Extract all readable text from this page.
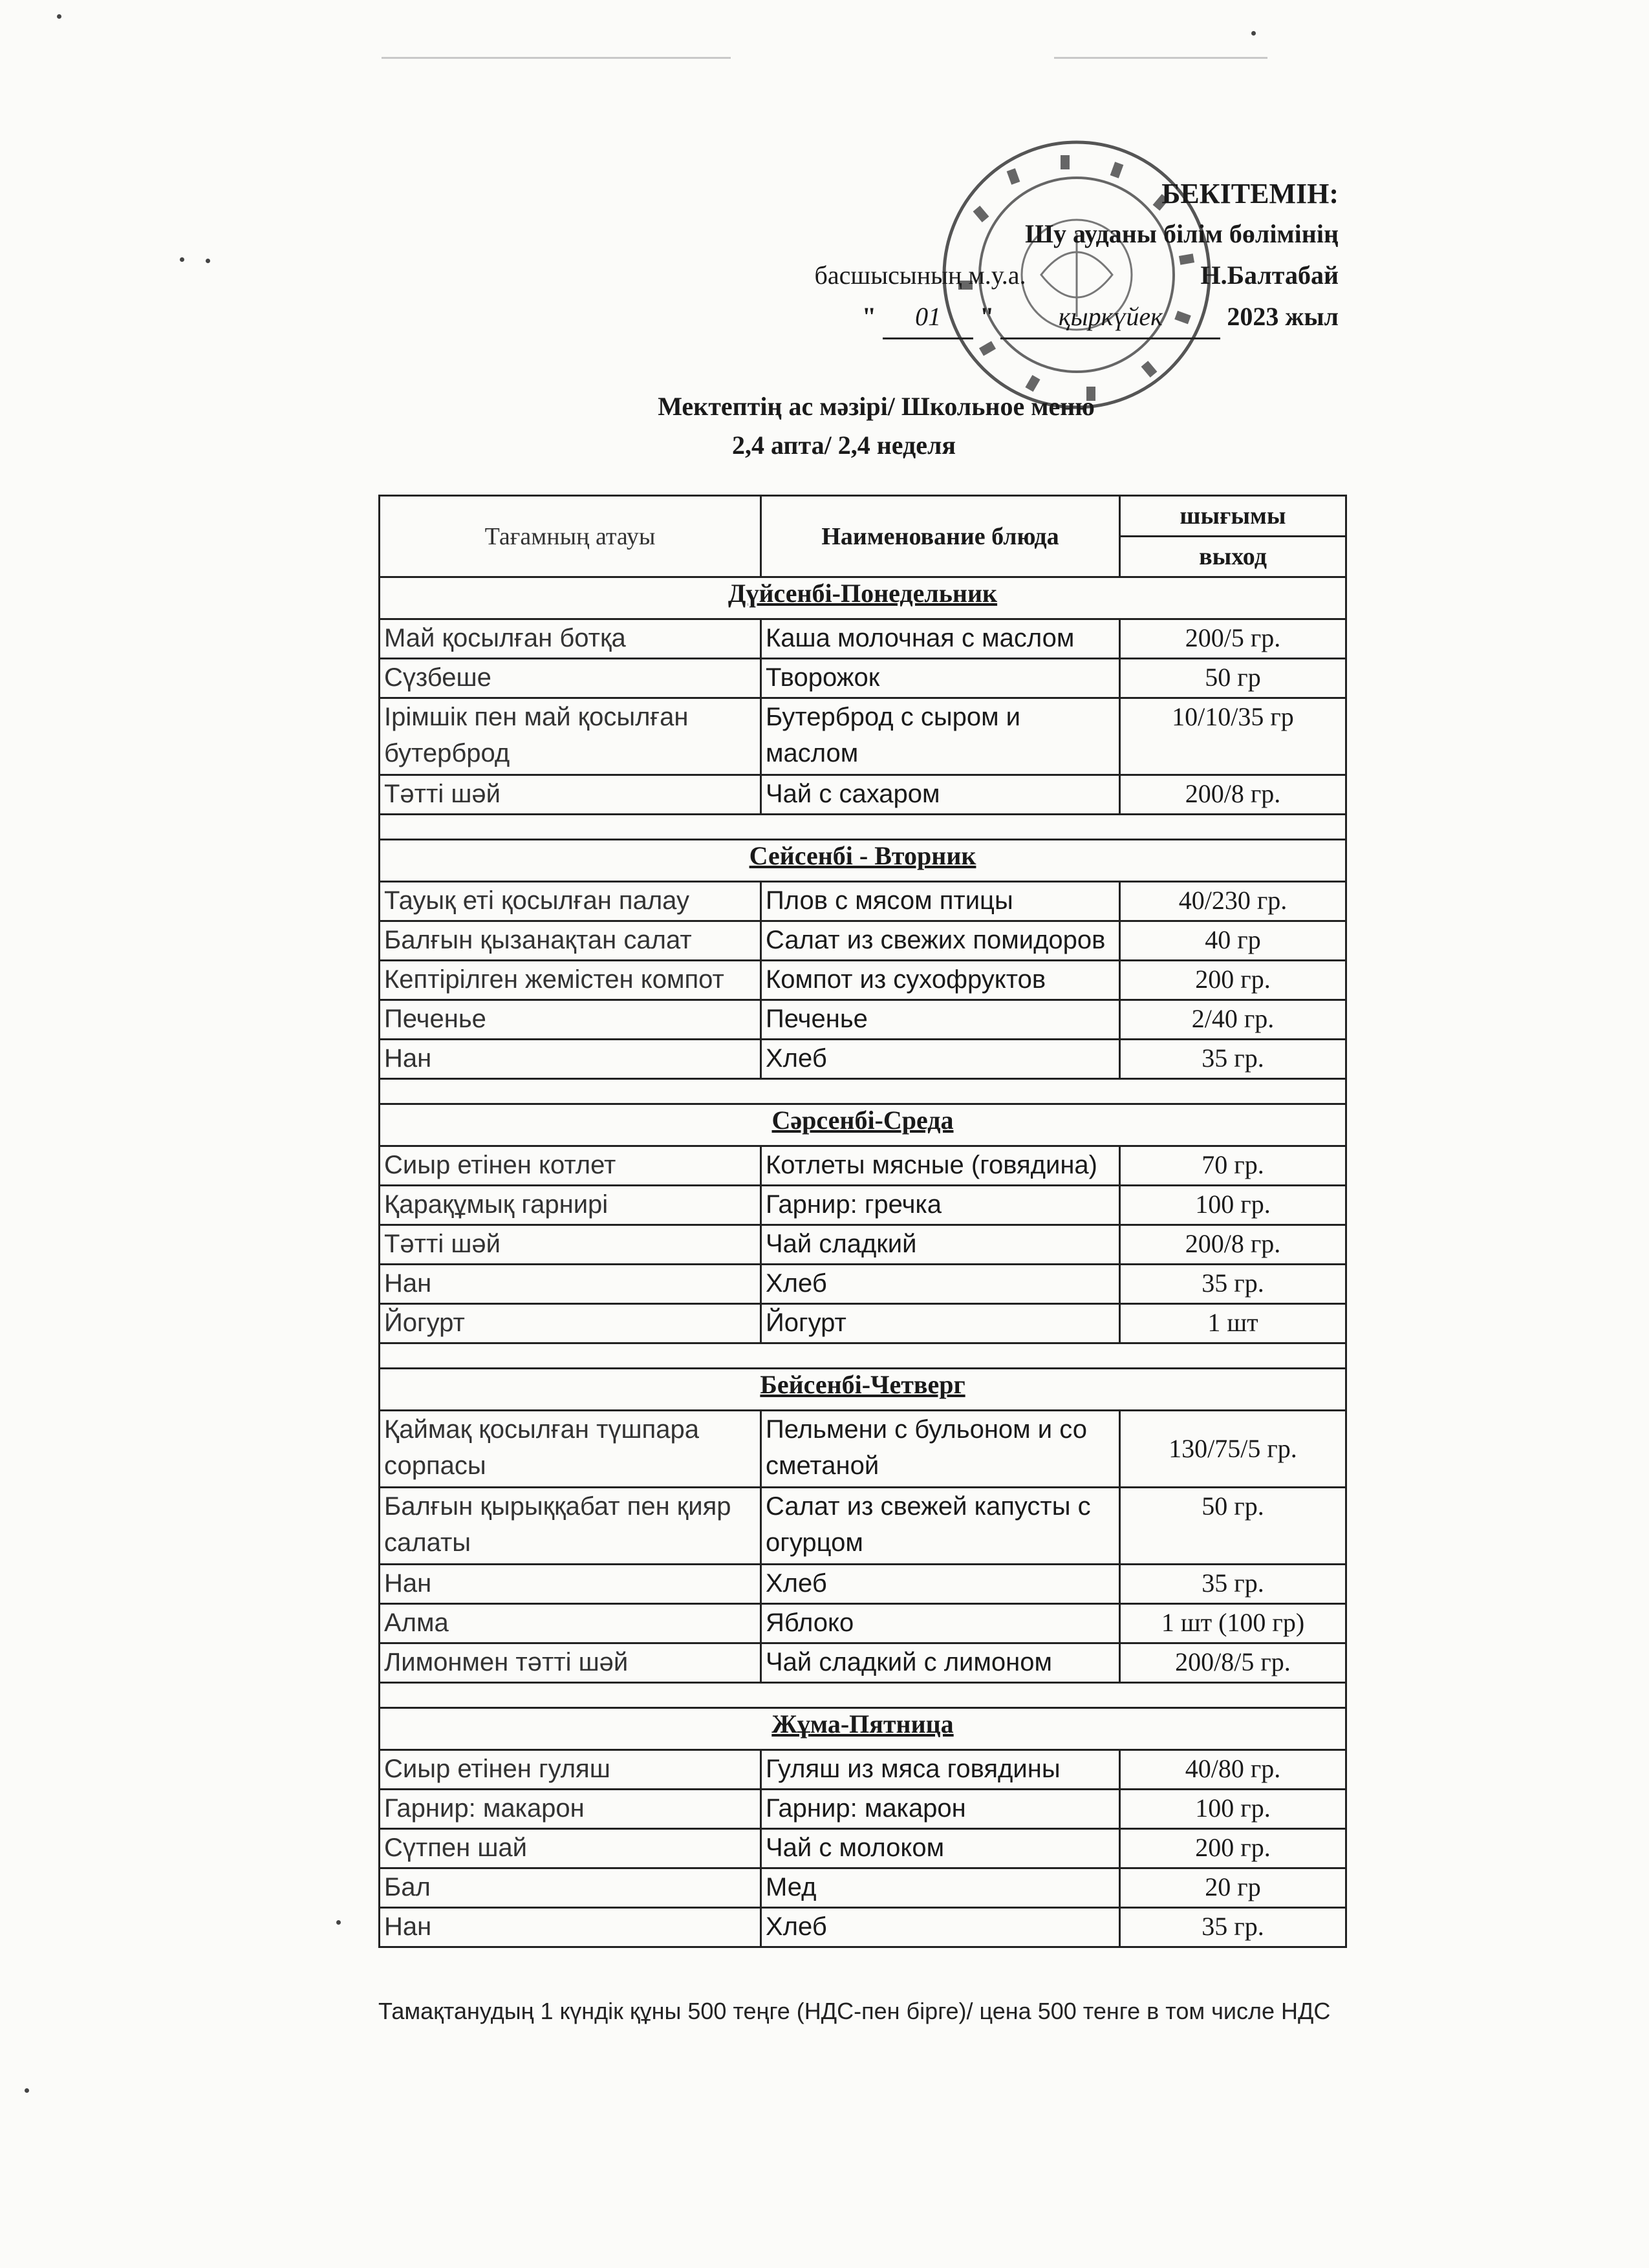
БЕКІТЕМІН:
Шу ауданы білім бөлімінің
басшысының м.у.а.	Н.Балтабай
" 01 " қыркүйек 2023 жыл
Мектептің ас мәзірі/ Школьное меню
2,4 апта/ 2,4 неделя
Тағамның атауы	Наименование блюда	шығымы
		выход
Дүйсенбі-Понедельник		
Май қосылған ботқа	Каша молочная с маслом	200/5 гр.
Сүзбеше	Творожок	50 гр
Ірімшік пен май қосылған бутерброд	Бутерброд с сыром и маслом	10/10/35 гр
Тәтті шәй	Чай с сахаром	200/8 гр.

Сейсенбі - Вторник		
Тауық еті қосылған палау	Плов с мясом птицы	40/230 гр.
Балғын қызанақтан салат	Салат из свежих помидоров	40 гр
Кептірілген жемістен компот	Компот из сухофруктов	200 гр.
Печенье	Печенье	2/40 гр.
Нан	Хлеб	35 гр.

Сәрсенбі-Среда		
Сиыр етінен котлет	Котлеты мясные (говядина)	70 гр.
Қарақұмық гарнирі	Гарнир: гречка	100 гр.
Тәтті шәй	Чай сладкий	200/8 гр.
Нан	Хлеб	35 гр.
Йогурт	Йогурт	1 шт

Бейсенбі-Четверг		
Қаймақ қосылған түшпара сорпасы	Пельмени с бульоном и со сметаной	130/75/5 гр.
Балғын қырыққабат пен қияр салаты	Салат из свежей капусты с огурцом	50 гр.
Нан	Хлеб	35 гр.
Алма	Яблоко	1 шт (100 гр)
Лимонмен тәтті шәй	Чай сладкий с лимоном	200/8/5 гр.

Жұма-Пятница		
Сиыр етінен гуляш	Гуляш из мяса говядины	40/80 гр.
Гарнир: макарон	Гарнир: макарон	100 гр.
Сүтпен шай	Чай с молоком	200 гр.
Бал	Мед	20 гр
Нан	Хлеб	35 гр.
Тамақтанудың 1 күндік құны 500 теңге (НДС-пен бірге)/ цена 500 тенге в том числе НДС
